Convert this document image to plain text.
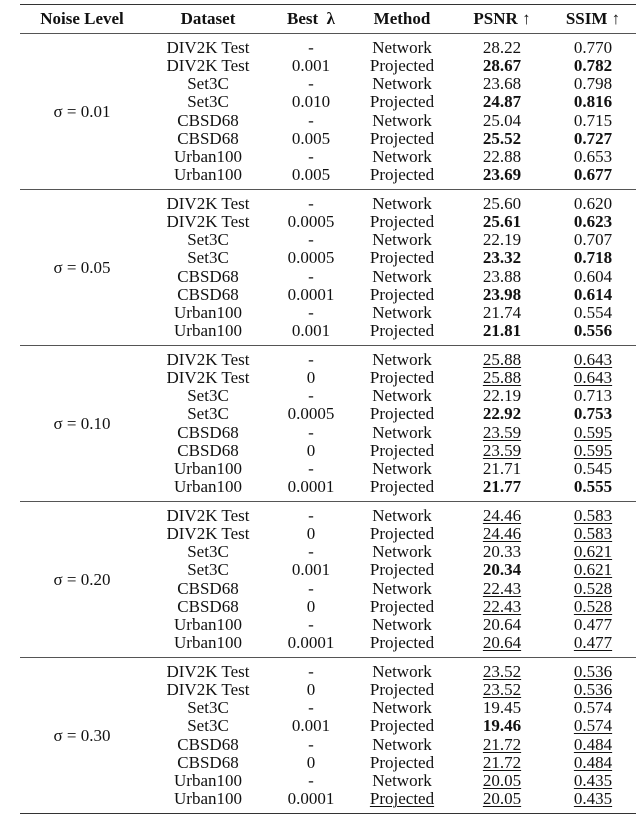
Noise Level	Dataset	Best  λ	Method	PSNR ↑	SSIM ↑
σ = 0.01
DIV2K Test	-	Network	28.22	0.770
DIV2K Test	0.001	Projected	28.67	0.782
Set3C	-	Network	23.68	0.798
Set3C	0.010	Projected	24.87	0.816
CBSD68	-	Network	25.04	0.715
CBSD68	0.005	Projected	25.52	0.727
Urban100	-	Network	22.88	0.653
Urban100	0.005	Projected	23.69	0.677
σ = 0.05
DIV2K Test	-	Network	25.60	0.620
DIV2K Test	0.0005	Projected	25.61	0.623
Set3C	-	Network	22.19	0.707
Set3C	0.0005	Projected	23.32	0.718
CBSD68	-	Network	23.88	0.604
CBSD68	0.0001	Projected	23.98	0.614
Urban100	-	Network	21.74	0.554
Urban100	0.001	Projected	21.81	0.556
σ = 0.10
DIV2K Test	-	Network	25.88	0.643
DIV2K Test	0	Projected	25.88	0.643
Set3C	-	Network	22.19	0.713
Set3C	0.0005	Projected	22.92	0.753
CBSD68	-	Network	23.59	0.595
CBSD68	0	Projected	23.59	0.595
Urban100	-	Network	21.71	0.545
Urban100	0.0001	Projected	21.77	0.555
σ = 0.20
DIV2K Test	-	Network	24.46	0.583
DIV2K Test	0	Projected	24.46	0.583
Set3C	-	Network	20.33	0.621
Set3C	0.001	Projected	20.34	0.621
CBSD68	-	Network	22.43	0.528
CBSD68	0	Projected	22.43	0.528
Urban100	-	Network	20.64	0.477
Urban100	0.0001	Projected	20.64	0.477
σ = 0.30
DIV2K Test	-	Network	23.52	0.536
DIV2K Test	0	Projected	23.52	0.536
Set3C	-	Network	19.45	0.574
Set3C	0.001	Projected	19.46	0.574
CBSD68	-	Network	21.72	0.484
CBSD68	0	Projected	21.72	0.484
Urban100	-	Network	20.05	0.435
Urban100	0.0001	Projected	20.05	0.435
